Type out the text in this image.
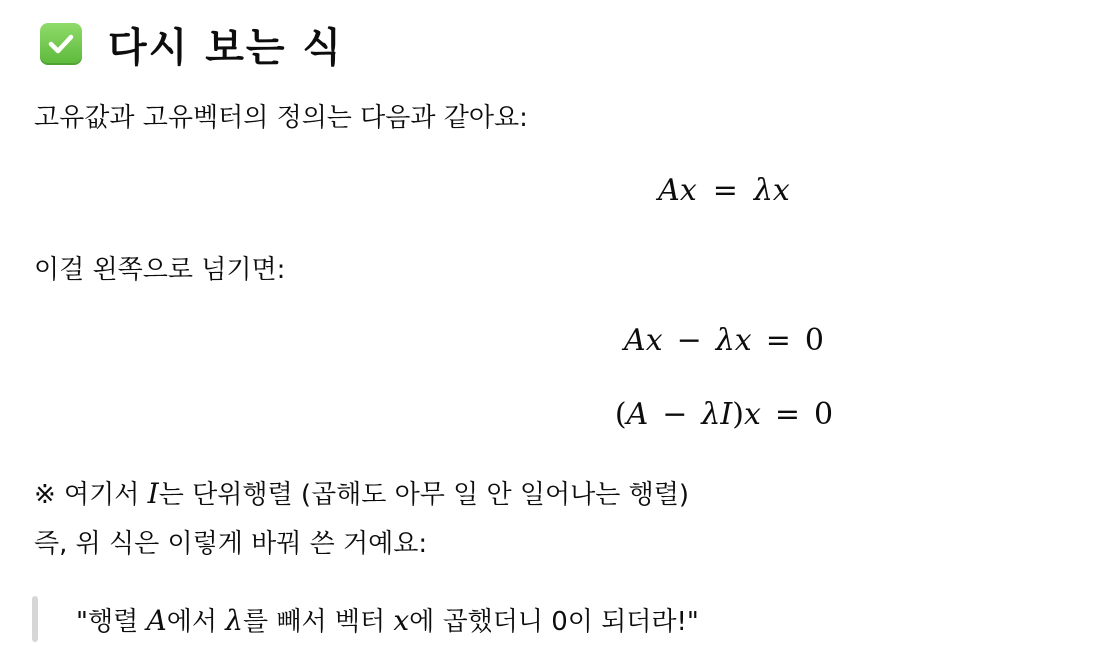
다시 보는 식
고유값과 고유벡터의 정의는 다음과 같아요:
Ax = λx
이걸 왼쪽으로 넘기면:
Ax − λx = 0
(A − λI)x = 0
※ 여기서 I는 단위행렬 (곱해도 아무 일 안 일어나는 행렬)
즉, 위 식은 이렇게 바꿔 쓴 거예요:
"행렬 A에서 λ를 빼서 벡터 x에 곱했더니 0이 되더라!"
